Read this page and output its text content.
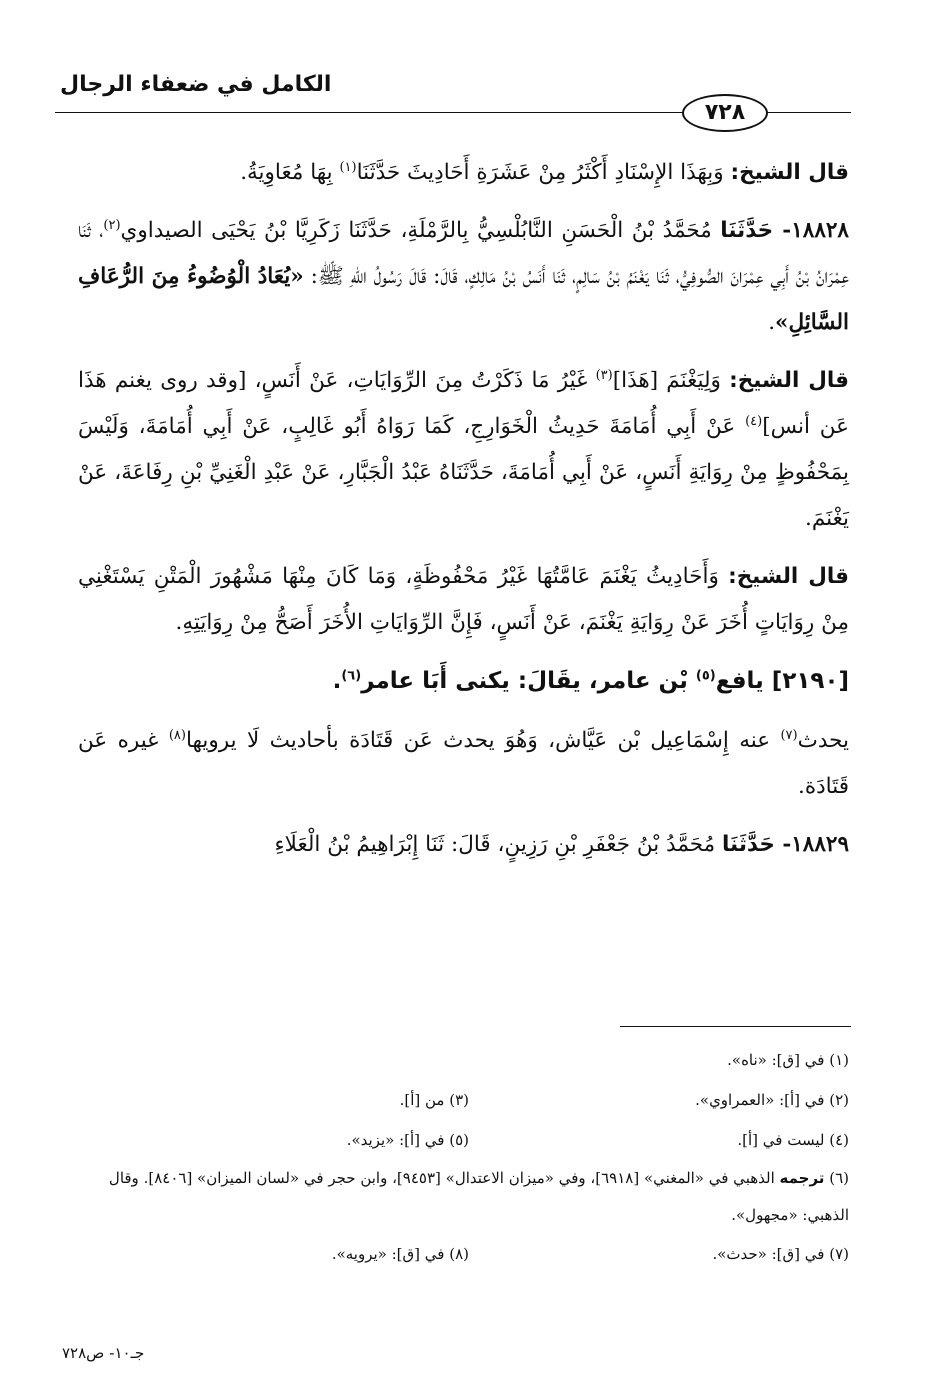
الكامل في ضعفاء الرجال
٧٢٨

قال الشيخ: وَبِهَذَا الإِسْنَادِ أَكْثَرُ مِنْ عَشَرَةِ أَحَادِيثَ حَدَّثَنَا$^{(١)}$ بِهَا مُعَاوِيَةُ.

١٨٨٢٨- حَدَّثَنَا مُحَمَّدُ بْنُ الْحَسَنِ النَّابُلْسِيُّ بِالرَّمْلَةِ، حَدَّثَنَا زَكَرِيَّا بْنُ يَحْيَى الصيداوي$^{(٢)}$، ثَنَا عِمْرَانُ بْنُ أَبِي عِمْرَانَ الصُّوفِيُّ، ثَنَا يَغْنَمُ بْنُ سَالِمٍ، ثَنَا أَنَسُ بْنُ مَالِكٍ، قَالَ: قَالَ رَسُولُ اللهِ ﷺ: «يُعَادُ الْوُضُوءُ مِنَ الرُّعَافِ السَّائِلِ».

قال الشيخ: وَلِيَغْنَمَ [هَذَا]$^{(٣)}$ غَيْرُ مَا ذَكَرْتُ مِنَ الرِّوَايَاتِ، عَنْ أَنَسٍ، [وقد روى يغنم هَذَا عَن أنس]$^{(٤)}$ عَنْ أَبِي أُمَامَةَ حَدِيثُ الْخَوَارِجِ، كَمَا رَوَاهُ أَبُو غَالِبٍ، عَنْ أَبِي أُمَامَةَ، وَلَيْسَ بِمَحْفُوظٍ مِنْ رِوَايَةِ أَنَسٍ، عَنْ أَبِي أُمَامَةَ، حَدَّثَنَاهُ عَبْدُ الْجَبَّارِ، عَنْ عَبْدِ الْغَنِيِّ بْنِ رِفَاعَةَ، عَنْ يَغْنَمَ.

قال الشيخ: وَأَحَادِيثُ يَغْنَمَ عَامَّتُهَا غَيْرُ مَحْفُوظَةٍ، وَمَا كَانَ مِنْهَا مَشْهُورَ الْمَتْنِ يَسْتَغْنِي مِنْ رِوَايَاتٍ أُخَرَ عَنْ رِوَايَةِ يَغْنَمَ، عَنْ أَنَسٍ، فَإِنَّ الرِّوَايَاتِ الأُخَرَ أَصَحُّ مِنْ رِوَايَتِهِ.

[٢١٩٠] يافع$^{(٥)}$ بْن عامر، يقَالَ: يكنى أَبَا عامر$^{(٦)}$.

يحدث$^{(٧)}$ عنه إِسْمَاعِيل بْن عَيَّاش، وَهُوَ يحدث عَن قَتَادَة بأحاديث لَا يرويها$^{(٨)}$ غيره عَن قَتَادَة.

١٨٨٢٩- حَدَّثَنَا مُحَمَّدُ بْنُ جَعْفَرِ بْنِ رَزِينٍ، قَالَ: ثَنَا إِبْرَاهِيمُ بْنُ الْعَلَاءِ

(١) في [ق]: «ناه».
(٢) في [أ]: «العمراوي».
(٣) من [أ].
(٤) ليست في [أ].
(٥) في [أ]: «يزيد».
(٦) ترجمه الذهبي في «المغني» [٦٩١٨]، وفي «ميزان الاعتدال» [٩٤٥٣]، وابن حجر في «لسان الميزان» [٨٤٠٦]. وقال الذهبي: «مجهول».
(٧) في [ق]: «حدث».
(٨) في [ق]: «يرويه».
جـ١٠- ص٧٢٨
